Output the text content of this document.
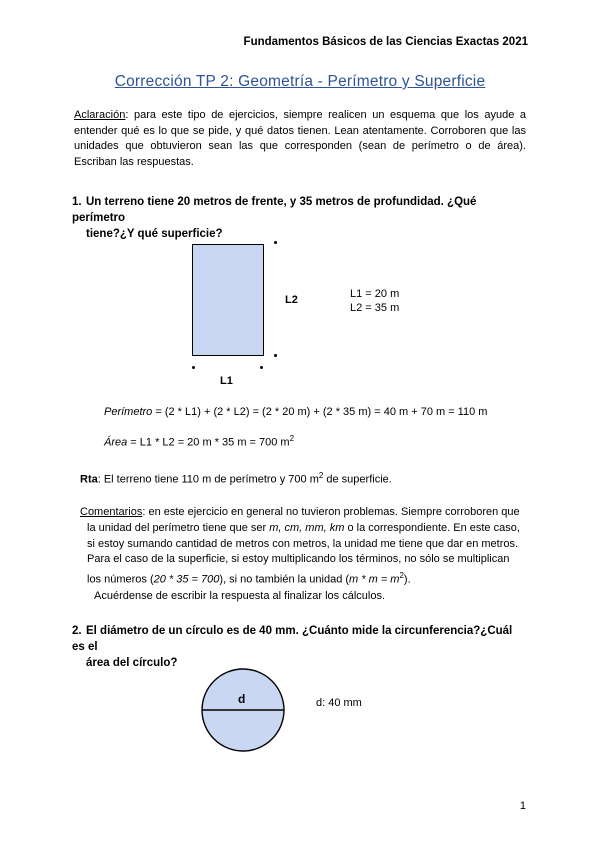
Fundamentos Básicos de las Ciencias Exactas 2021
Corrección TP 2: Geometría - Perímetro y Superficie
Aclaración: para este tipo de ejercicios, siempre realicen un esquema que los ayude a entender qué es lo que se pide, y qué datos tienen. Lean atentamente. Corroboren que las unidades que obtuvieron sean las que corresponden (sean de perímetro o de área). Escriban las respuestas.
1. Un terreno tiene 20 metros de frente, y 35 metros de profundidad. ¿Qué perímetro
tiene?¿Y qué superficie?
L2
L1
L1 = 20 m
L2 = 35 m
Perímetro = (2 * L1) + (2 * L2) = (2 * 20 m) + (2 * 35 m) = 40 m + 70 m = 110 m
Área = L1 * L2 = 20 m * 35 m = 700 $m^2$
Rta: El terreno tiene 110 m de perímetro y 700 $m^2$ de superficie.
Comentarios: en este ejercicio en general no tuvieron problemas. Siempre corroboren que
la unidad del perímetro tiene que ser m, cm, mm, km o la correspondiente. En este caso,
si estoy sumando cantidad de metros con metros, la unidad me tiene que dar en metros.
Para el caso de la superficie, si estoy multiplicando los términos, no sólo se multiplican
los números (20 * 35 = 700), si no también la unidad $(m * m = m^2)$.
Acuérdense de escribir la respuesta al finalizar los cálculos.
2. El diámetro de un círculo es de 40 mm. ¿Cuánto mide la circunferencia?¿Cuál es el
área del círculo?
d	d: 40 mm
1
